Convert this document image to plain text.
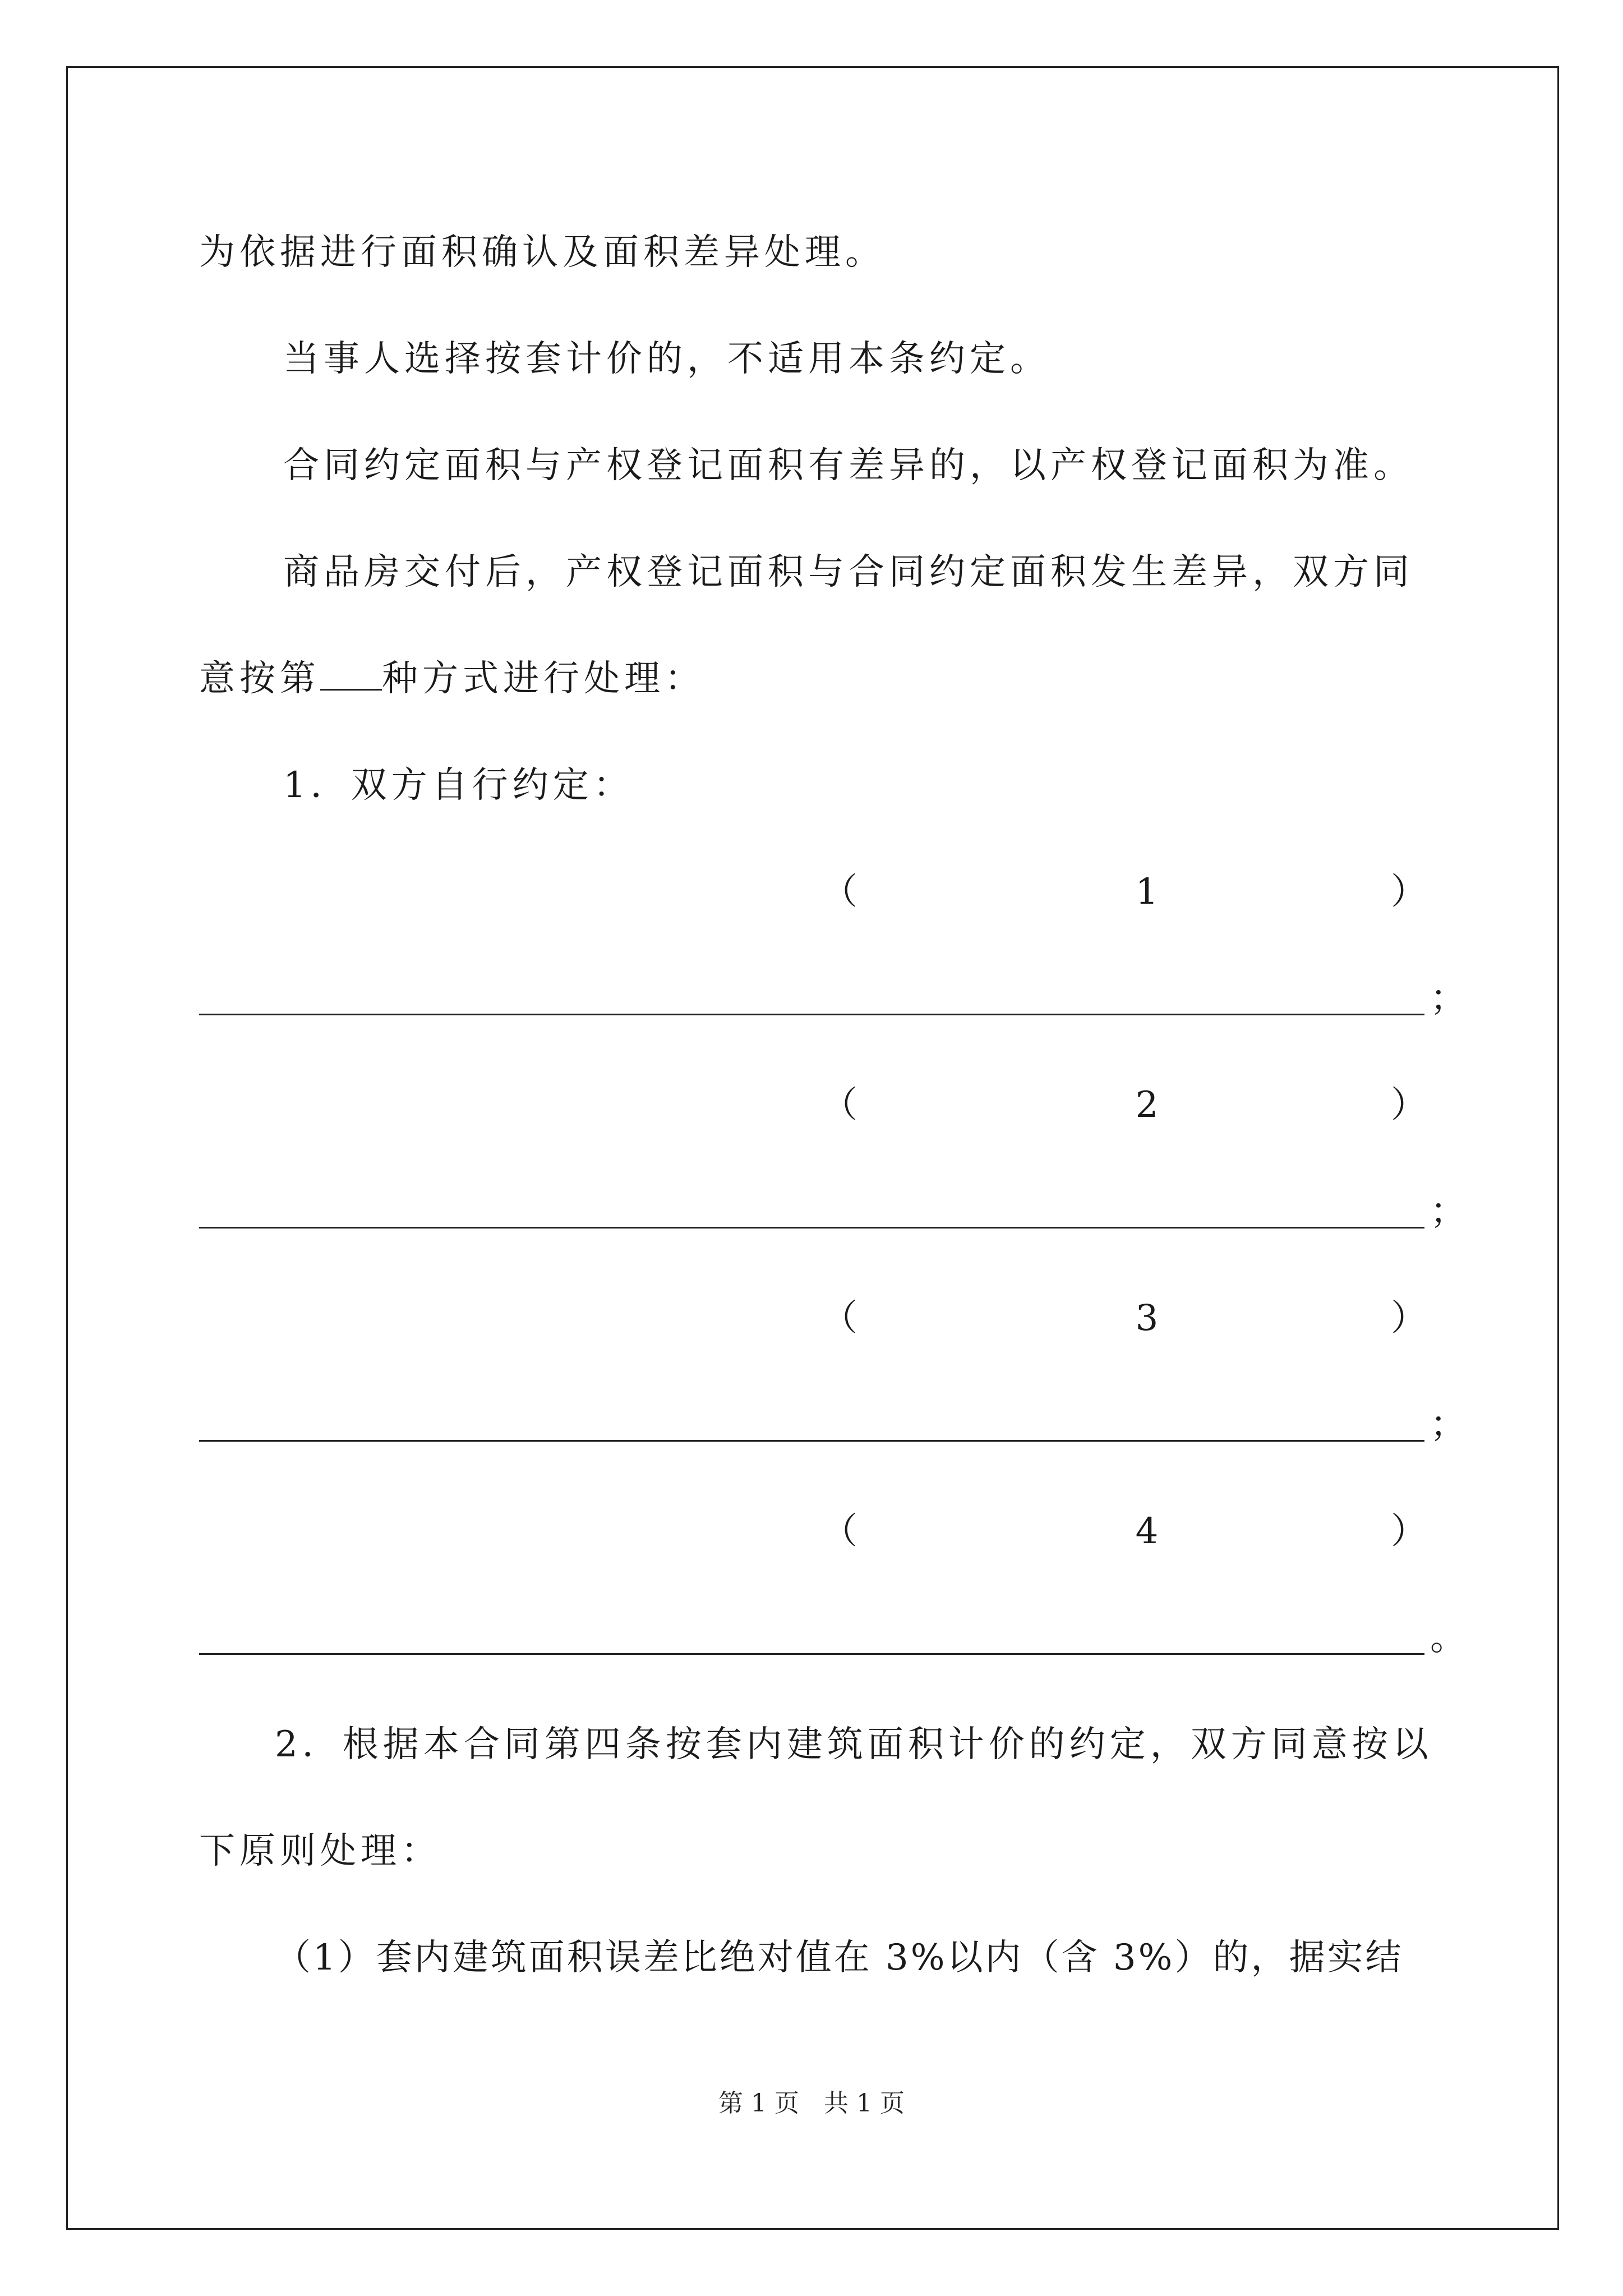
为依据进行面积确认及面积差异处理。
当事人选择按套计价的，不适用本条约定。
合同约定面积与产权登记面积有差异的，以产权登记面积为准。
商品房交付后，产权登记面积与合同约定面积发生差异，双方同
意按第 种方式进行处理：
1．双方自行约定：
（	1	）
；
（	2	）
；
（	3	）
；
（	4	）
。
2．根据本合同第四条按套内建筑面积计价的约定，双方同意按以
下原则处理：
（1）套内建筑面积误差比绝对值在 3%以内（含 3%）的，据实结
第 1 页　共 1 页
